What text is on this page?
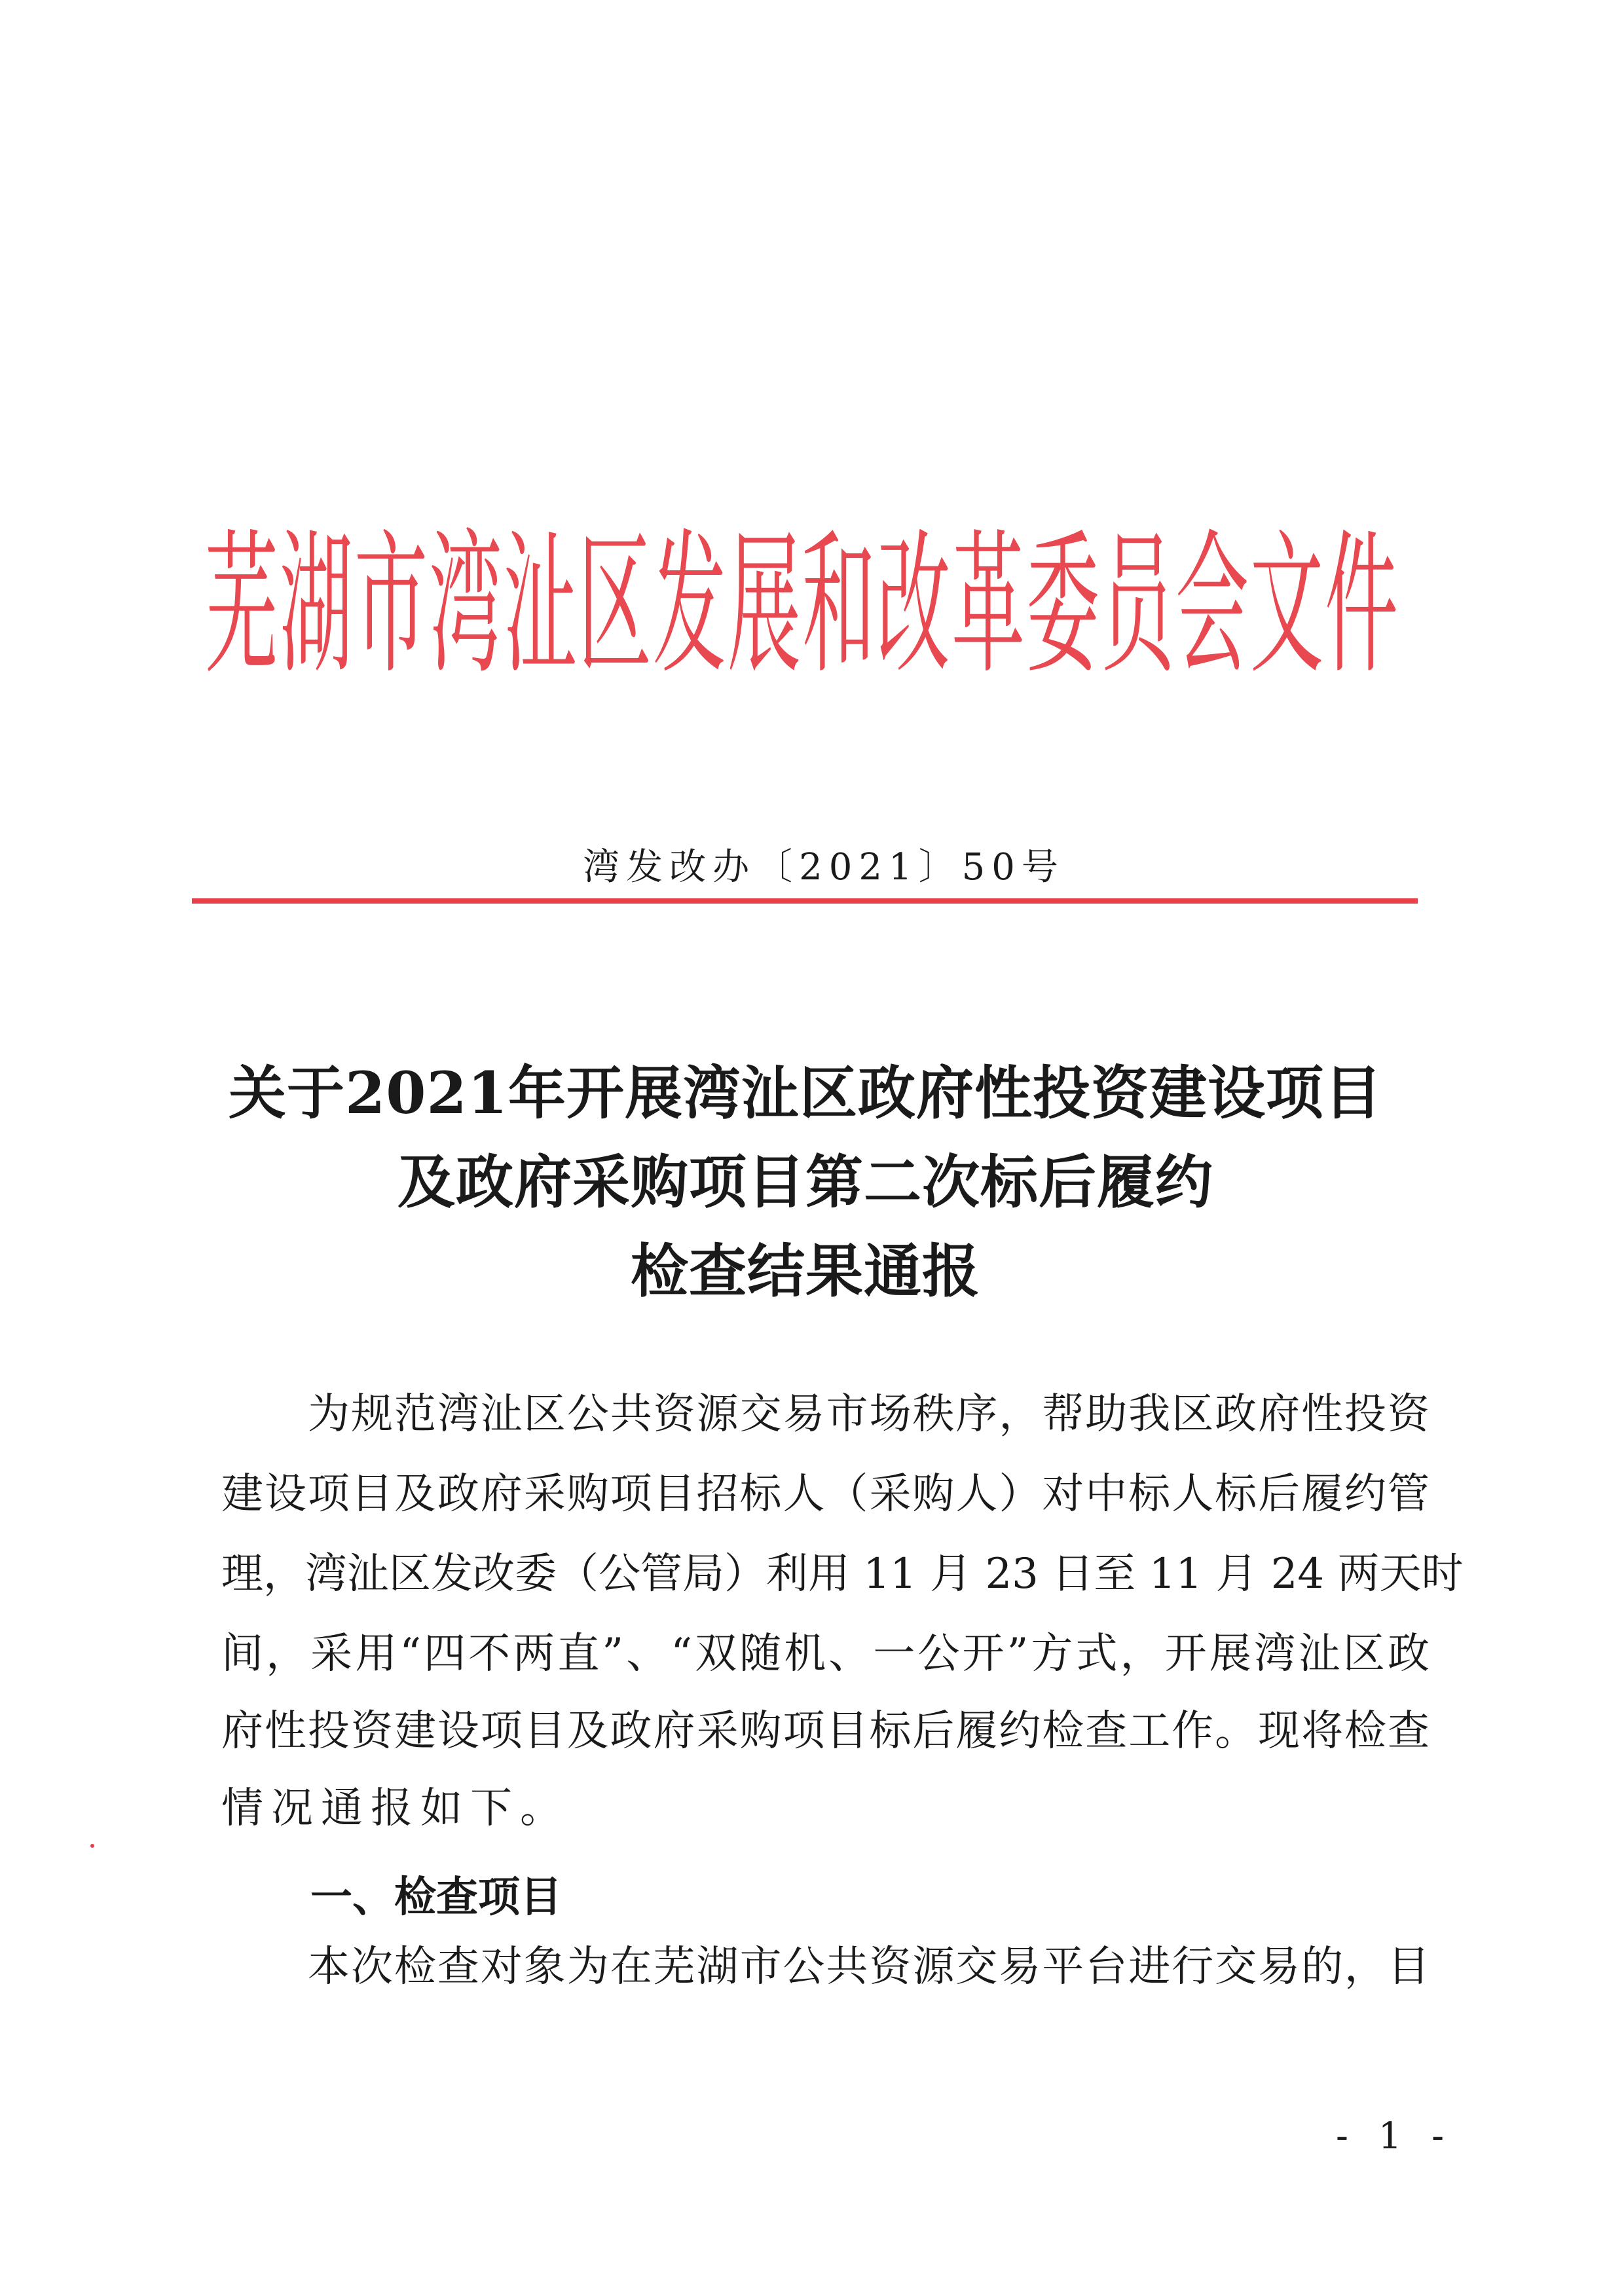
芜湖市湾沚区发展和改革委员会文件
湾发改办〔2021〕50号
关于2021年开展湾沚区政府性投资建设项目
及政府采购项目第二次标后履约
检查结果通报
为规范湾沚区公共资源交易市场秩序，帮助我区政府性投资
建设项目及政府采购项目招标人（采购人）对中标人标后履约管
理，湾沚区发改委（公管局）利用 11 月 23 日至 11 月 24 两天时
间，采用“四不两直”、“双随机、一公开”方式，开展湾沚区政
府性投资建设项目及政府采购项目标后履约检查工作。现将检查
情况通报如下。
一、检查项目
本次检查对象为在芜湖市公共资源交易平台进行交易的，目
- 1 -
